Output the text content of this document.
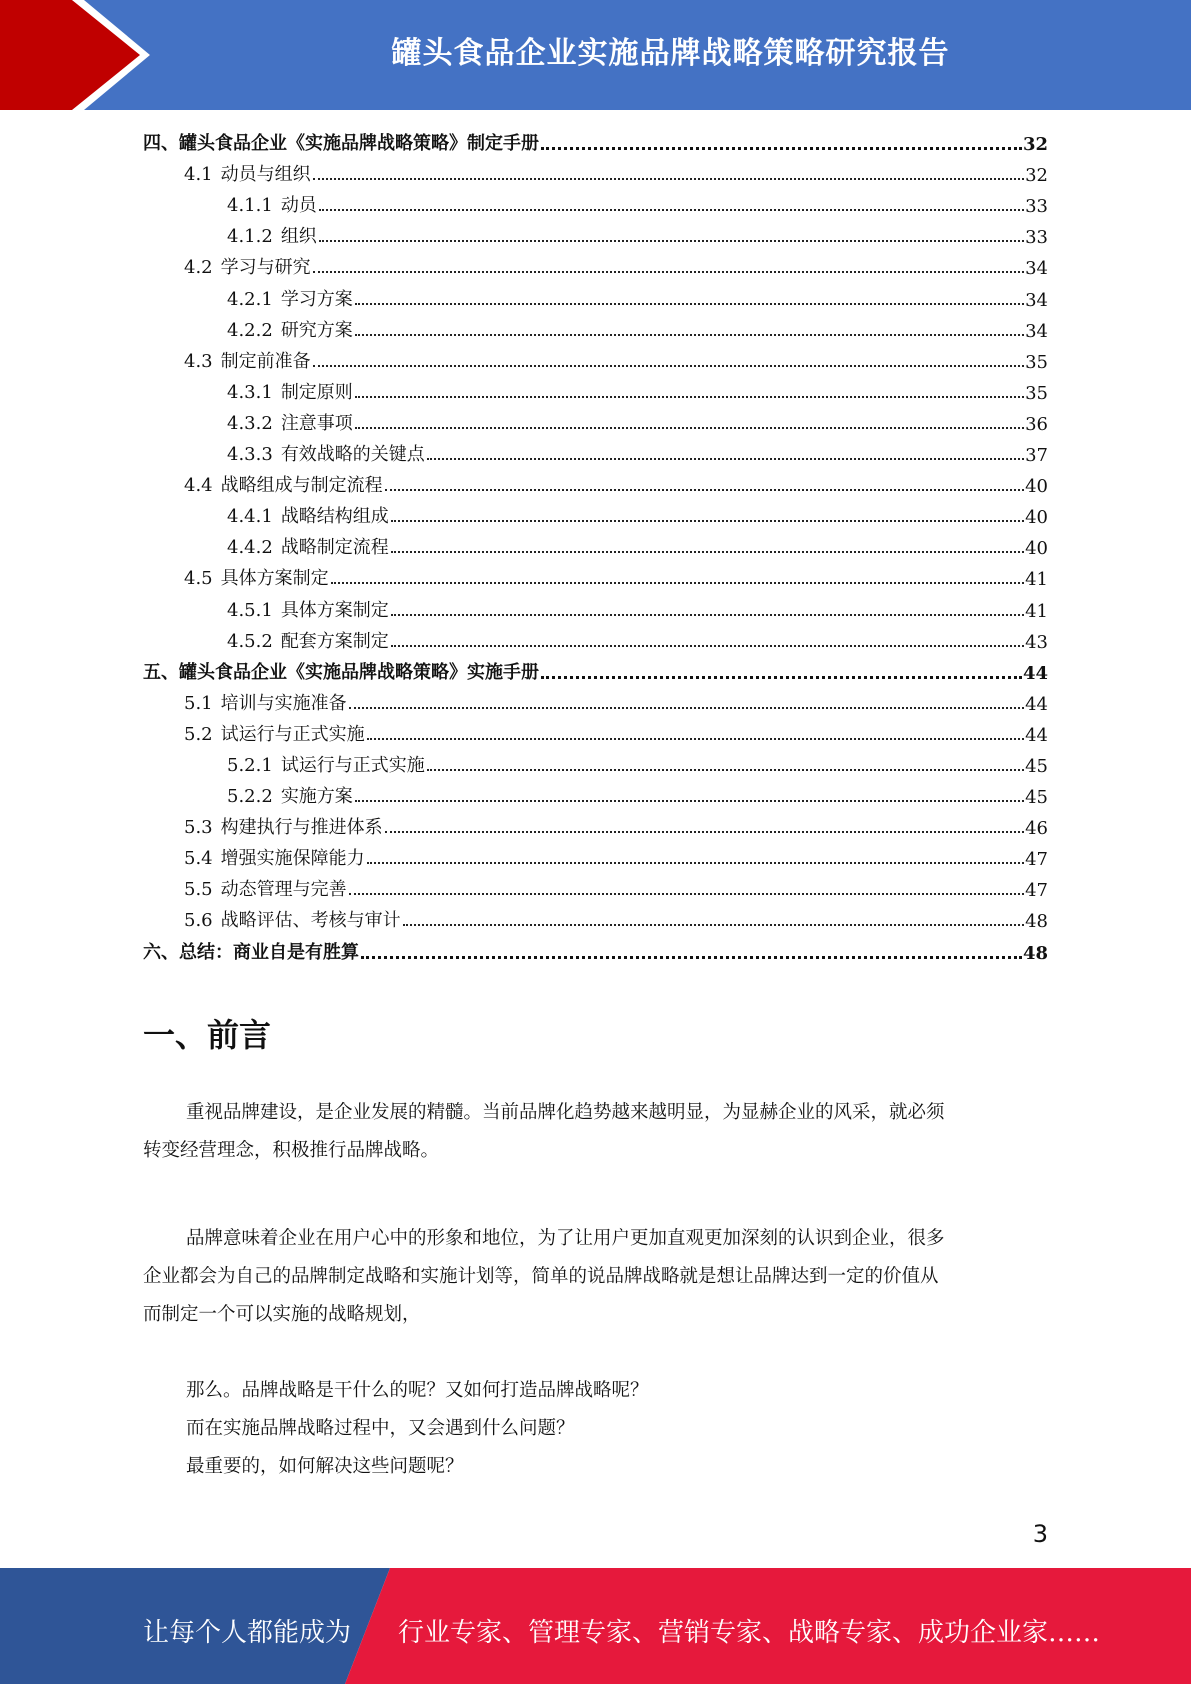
罐头食品企业实施品牌战略策略研究报告
四、罐头食品企业《实施品牌战略策略》制定手册	32
4.1 动员与组织	32
4.1.1 动员	33
4.1.2 组织	33
4.2 学习与研究	34
4.2.1 学习方案	34
4.2.2 研究方案	34
4.3 制定前准备	35
4.3.1 制定原则	35
4.3.2 注意事项	36
4.3.3 有效战略的关键点	37
4.4 战略组成与制定流程	40
4.4.1 战略结构组成	40
4.4.2 战略制定流程	40
4.5 具体方案制定	41
4.5.1 具体方案制定	41
4.5.2 配套方案制定	43
五、罐头食品企业《实施品牌战略策略》实施手册	44
5.1 培训与实施准备	44
5.2 试运行与正式实施	44
5.2.1 试运行与正式实施	45
5.2.2 实施方案	45
5.3 构建执行与推进体系	46
5.4 增强实施保障能力	47
5.5 动态管理与完善	47
5.6 战略评估、考核与审计	48
六、总结：商业自是有胜算	48
一、前言
重视品牌建设，是企业发展的精髓。当前品牌化趋势越来越明显，为显赫企业的风采，就必须
转变经营理念，积极推行品牌战略。
品牌意味着企业在用户心中的形象和地位，为了让用户更加直观更加深刻的认识到企业，很多
企业都会为自己的品牌制定战略和实施计划等，简单的说品牌战略就是想让品牌达到一定的价值从
而制定一个可以实施的战略规划，
那么。品牌战略是干什么的呢？又如何打造品牌战略呢？
而在实施品牌战略过程中，又会遇到什么问题？
最重要的，如何解决这些问题呢？
3
让每个人都能成为 行业专家、管理专家、营销专家、战略专家、成功企业家……
